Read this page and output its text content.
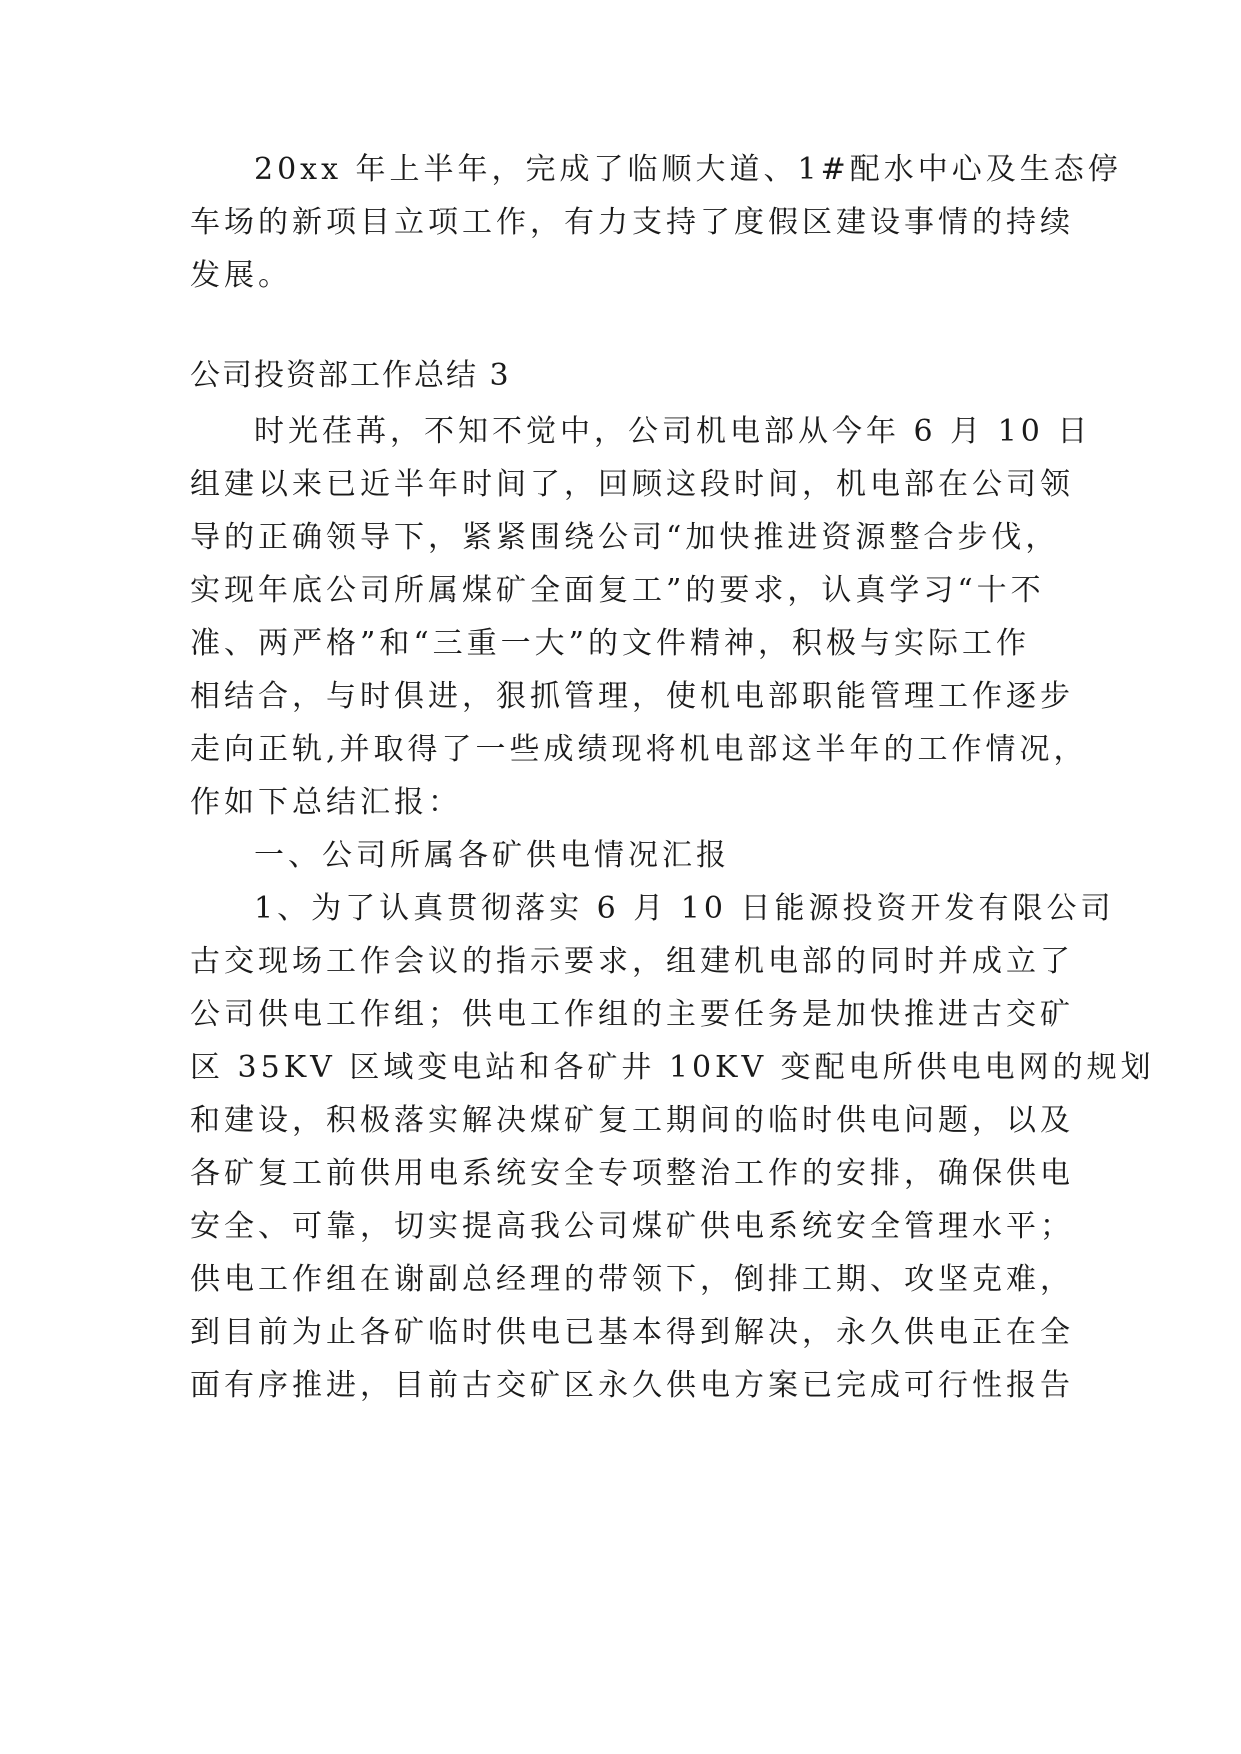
20xx 年上半年，完成了临顺大道、1#配水中心及生态停
车场的新项目立项工作，有力支持了度假区建设事情的持续
发展。
公司投资部工作总结 3
时光荏苒，不知不觉中，公司机电部从今年 6 月 10 日
组建以来已近半年时间了，回顾这段时间，机电部在公司领
导的正确领导下，紧紧围绕公司“加快推进资源整合步伐，
实现年底公司所属煤矿全面复工”的要求，认真学习“十不
准、两严格”和“三重一大”的文件精神，积极与实际工作
相结合，与时俱进，狠抓管理，使机电部职能管理工作逐步
走向正轨,并取得了一些成绩现将机电部这半年的工作情况，
作如下总结汇报：
一、公司所属各矿供电情况汇报
1、为了认真贯彻落实 6 月 10 日能源投资开发有限公司
古交现场工作会议的指示要求，组建机电部的同时并成立了
公司供电工作组；供电工作组的主要任务是加快推进古交矿
区 35KV 区域变电站和各矿井 10KV 变配电所供电电网的规划
和建设，积极落实解决煤矿复工期间的临时供电问题，以及
各矿复工前供用电系统安全专项整治工作的安排，确保供电
安全、可靠，切实提高我公司煤矿供电系统安全管理水平；
供电工作组在谢副总经理的带领下，倒排工期、攻坚克难，
到目前为止各矿临时供电已基本得到解决，永久供电正在全
面有序推进，目前古交矿区永久供电方案已完成可行性报告
